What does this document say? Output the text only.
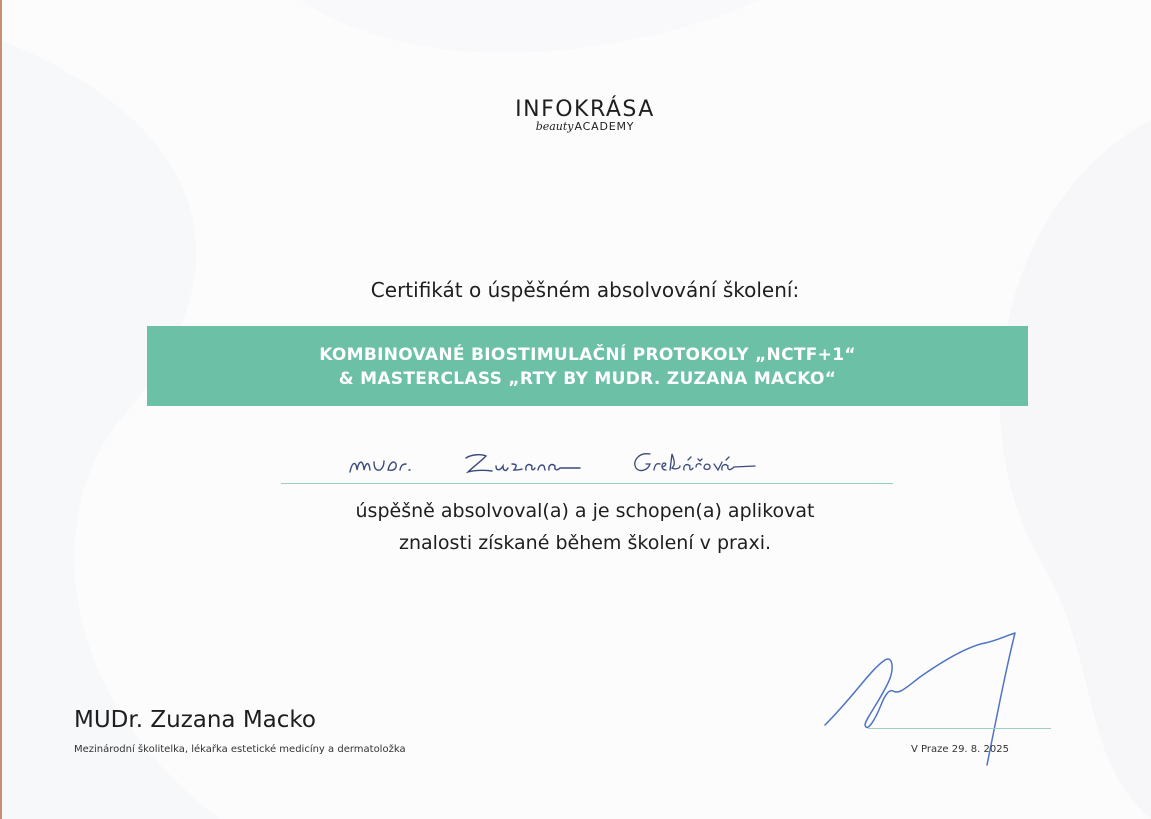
INFOKRÁSA
beautyACADEMY
Certifikát o úspěšném absolvování školení:
KOMBINOVANÉ BIOSTIMULAČNÍ PROTOKOLY „NCTF+1“
& MASTERCLASS „RTY BY MUDR. ZUZANA MACKO“
úspěšně absolvoval(a) a je schopen(a) aplikovat
znalosti získané během školení v praxi.
MUDr. Zuzana Macko
Mezinárodní školitelka, lékařka estetické medicíny a dermatoložka	V Praze 29. 8. 2025
